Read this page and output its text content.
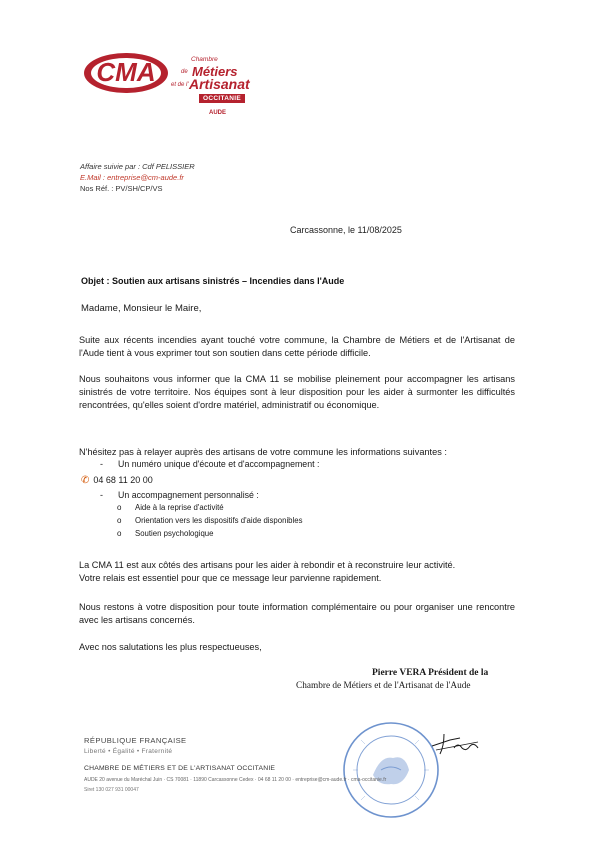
CMA	Chambre
de Métiers
et de l' Artisanat
OCCITANIE
AUDE
Affaire suivie par : Cdf PELISSIER
E.Mail : entreprise@cm-aude.fr
Nos Réf. : PV/SH/CP/VS
Carcassonne, le 11/08/2025
Objet : Soutien aux artisans sinistrés – Incendies dans l'Aude
Madame, Monsieur le Maire,
Suite aux récents incendies ayant touché votre commune, la Chambre de Métiers et de l'Artisanat de l'Aude tient à vous exprimer tout son soutien dans cette période difficile.
Nous souhaitons vous informer que la CMA 11 se mobilise pleinement pour accompagner les artisans sinistrés de votre territoire. Nos équipes sont à leur disposition pour les aider à surmonter les difficultés rencontrées, qu'elles soient d'ordre matériel, administratif ou économique.
N'hésitez pas à relayer auprès des artisans de votre commune les informations suivantes :
- Un numéro unique d'écoute et d'accompagnement :
✆ 04 68 11 20 00
- Un accompagnement personnalisé :
o Aide à la reprise d'activité
o Orientation vers les dispositifs d'aide disponibles
o Soutien psychologique
La CMA 11 est aux côtés des artisans pour les aider à rebondir et à reconstruire leur activité.
Votre relais est essentiel pour que ce message leur parvienne rapidement.
Nous restons à votre disposition pour toute information complémentaire ou pour organiser une rencontre avec les artisans concernés.
Avec nos salutations les plus respectueuses,
Pierre VERA Président de la
Chambre de Métiers et de l'Artisanat de l'Aude
RÉPUBLIQUE FRANÇAISE
Liberté • Égalité • Fraternité
CHAMBRE DE MÉTIERS ET DE L'ARTISANAT OCCITANIE
AUDE 20 avenue du Maréchal Juin · CS 70081 · 11890 Carcassonne Cedex · 04 68 11 20 00 · entreprise@cm-aude.fr · cma-occitanie.fr
Siret 130 027 931 00047
